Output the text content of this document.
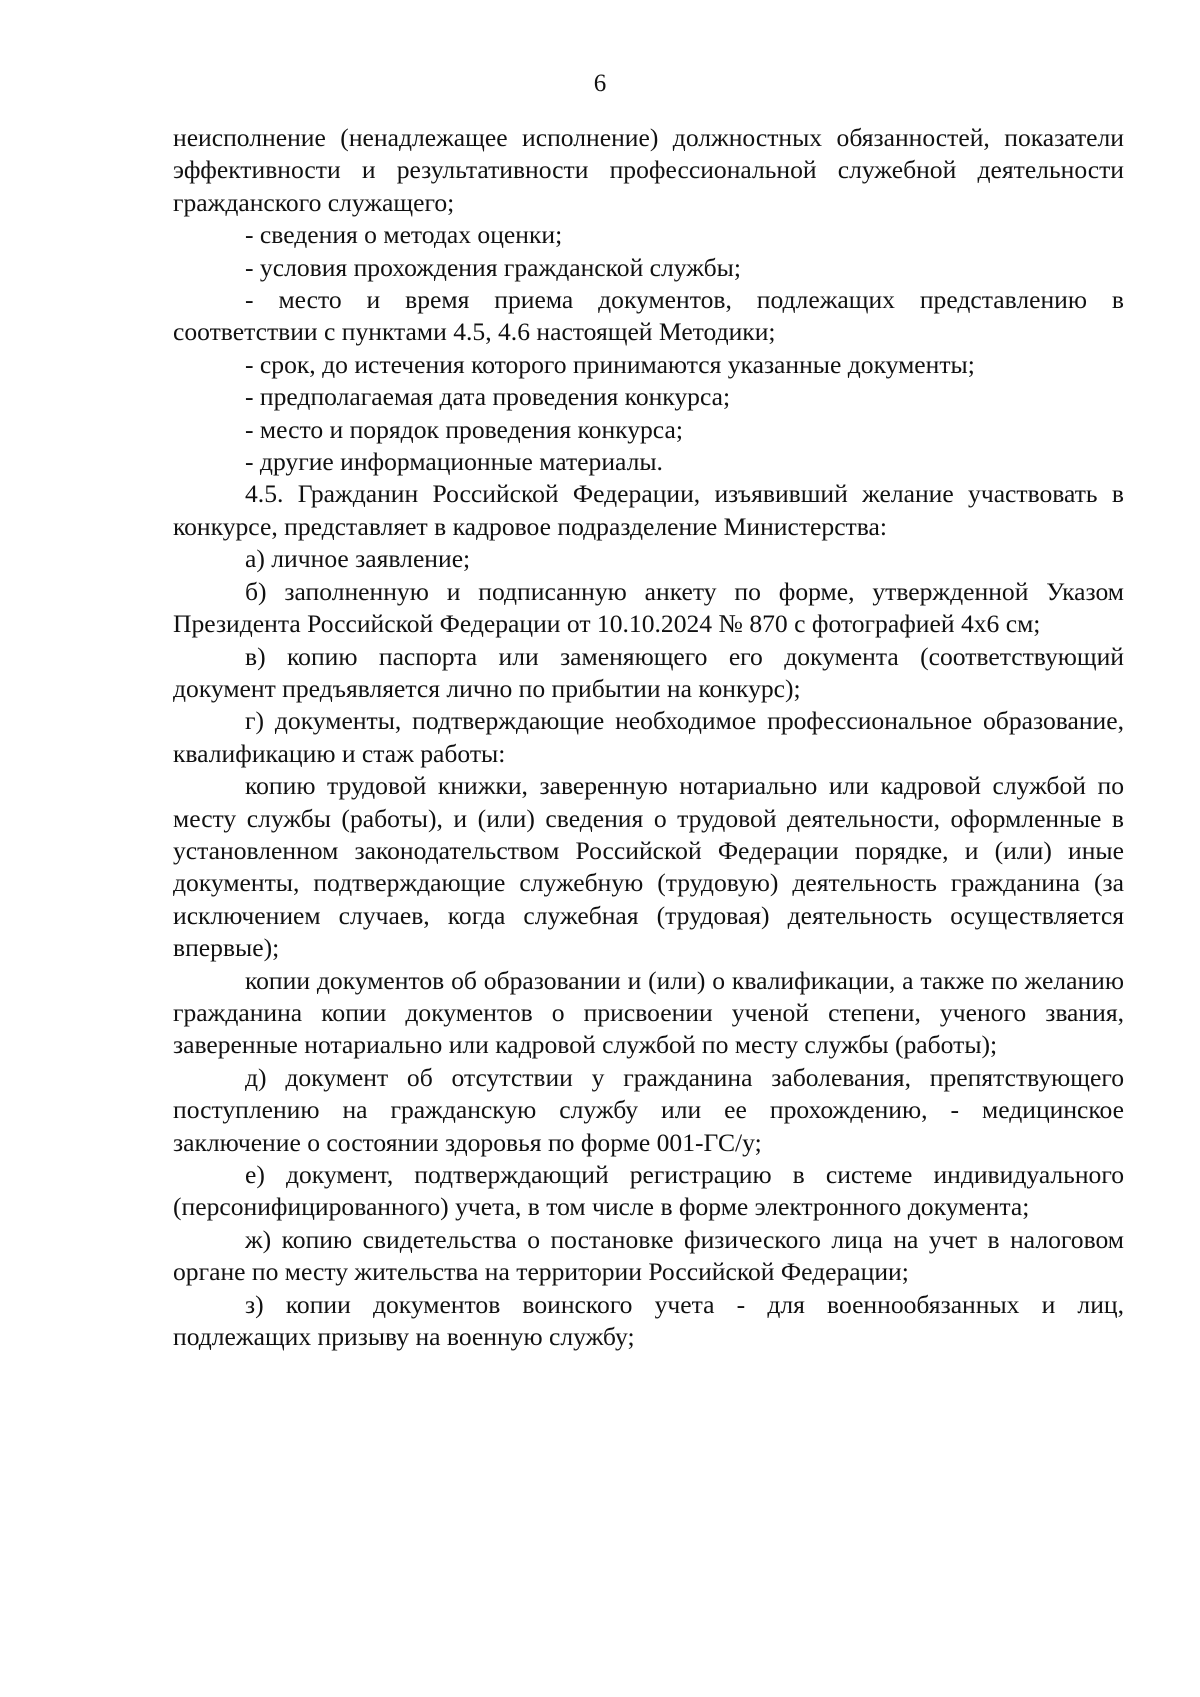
6

неисполнение (ненадлежащее исполнение) должностных обязанностей, показатели эффективности и результативности профессиональной служебной деятельности гражданского служащего;

- сведения о методах оценки;

- условия прохождения гражданской службы;

- место и время приема документов, подлежащих представлению в соответствии с пунктами 4.5, 4.6 настоящей Методики;

- срок, до истечения которого принимаются указанные документы;

- предполагаемая дата проведения конкурса;

- место и порядок проведения конкурса;

- другие информационные материалы.

4.5. Гражданин Российской Федерации, изъявивший желание участвовать в конкурсе, представляет в кадровое подразделение Министерства:

а) личное заявление;

б) заполненную и подписанную анкету по форме, утвержденной Указом Президента Российской Федерации от 10.10.2024 № 870 с фотографией 4х6 см;

в) копию паспорта или заменяющего его документа (соответствующий документ предъявляется лично по прибытии на конкурс);

г) документы, подтверждающие необходимое профессиональное образование, квалификацию и стаж работы:

копию трудовой книжки, заверенную нотариально или кадровой службой по месту службы (работы), и (или) сведения о трудовой деятельности, оформленные в установленном законодательством Российской Федерации порядке, и (или) иные документы, подтверждающие служебную (трудовую) деятельность гражданина (за исключением случаев, когда служебная (трудовая) деятельность осуществляется впервые);

копии документов об образовании и (или) о квалификации, а также по желанию гражданина копии документов о присвоении ученой степени, ученого звания, заверенные нотариально или кадровой службой по месту службы (работы);

д) документ об отсутствии у гражданина заболевания, препятствующего поступлению на гражданскую службу или ее прохождению, - медицинское заключение о состоянии здоровья по форме 001-ГС/у;

е) документ, подтверждающий регистрацию в системе индивидуального (персонифицированного) учета, в том числе в форме электронного документа;

ж) копию свидетельства о постановке физического лица на учет в налоговом органе по месту жительства на территории Российской Федерации;

з) копии документов воинского учета - для военнообязанных и лиц, подлежащих призыву на военную службу;
